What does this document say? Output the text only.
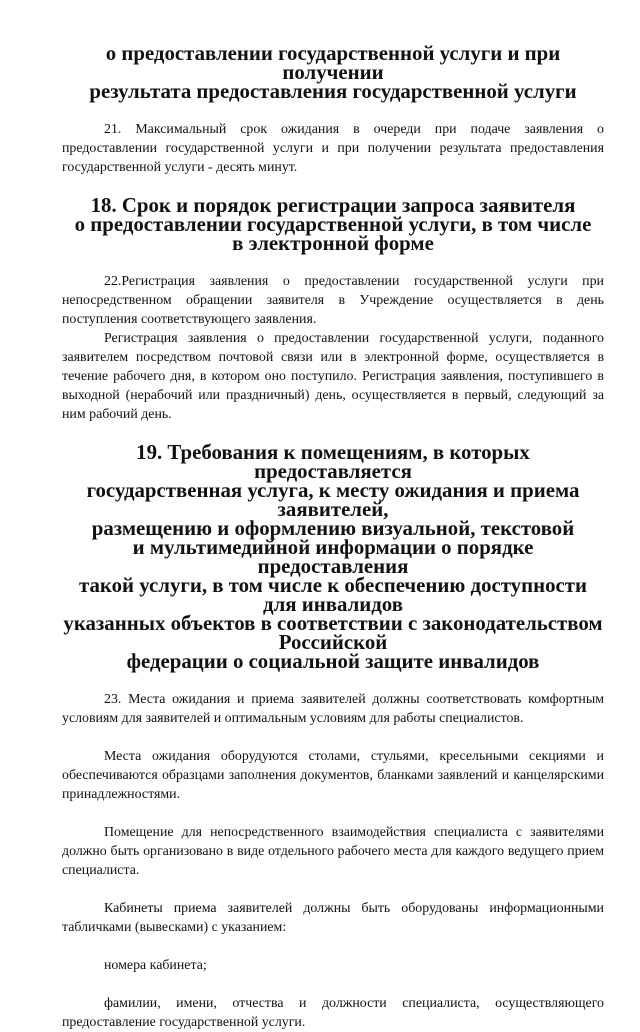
о предоставлении государственной услуги и при получении
результата предоставления государственной услуги

21. Максимальный срок ожидания в очереди при подаче заявления о предоставлении государственной услуги и при получении результата предоставления государственной услуги - десять минут.

18. Срок и порядок регистрации запроса заявителя
о предоставлении государственной услуги, в том числе
в электронной форме

22.Регистрация заявления о предоставлении государственной услуги при непосредственном обращении заявителя в Учреждение осуществляется в день поступления соответствующего заявления.

Регистрация заявления о предоставлении государственной услуги, поданного заявителем посредством почтовой связи или в электронной форме, осуществляется в течение рабочего дня, в котором оно поступило. Регистрация заявления, поступившего в выходной (нерабочий или праздничный) день, осуществляется в первый, следующий за ним рабочий день.

19. Требования к помещениям, в которых предоставляется
государственная услуга, к месту ожидания и приема заявителей,
размещению и оформлению визуальной, текстовой
и мультимедийной информации о порядке предоставления
такой услуги, в том числе к обеспечению доступности для инвалидов
указанных объектов в соответствии с законодательством Российской
федерации о социальной защите инвалидов

23. Места ожидания и приема заявителей должны соответствовать комфортным условиям для заявителей и оптимальным условиям для работы специалистов.

Места ожидания оборудуются столами, стульями, кресельными секциями и обеспечиваются образцами заполнения документов, бланками заявлений и канцелярскими принадлежностями.

Помещение для непосредственного взаимодействия специалиста с заявителями должно быть организовано в виде отдельного рабочего места для каждого ведущего прием специалиста.

Кабинеты приема заявителей должны быть оборудованы информационными табличками (вывесками) с указанием:

номера кабинета;

фамилии, имени, отчества и должности специалиста, осуществляющего предоставление государственной услуги.
